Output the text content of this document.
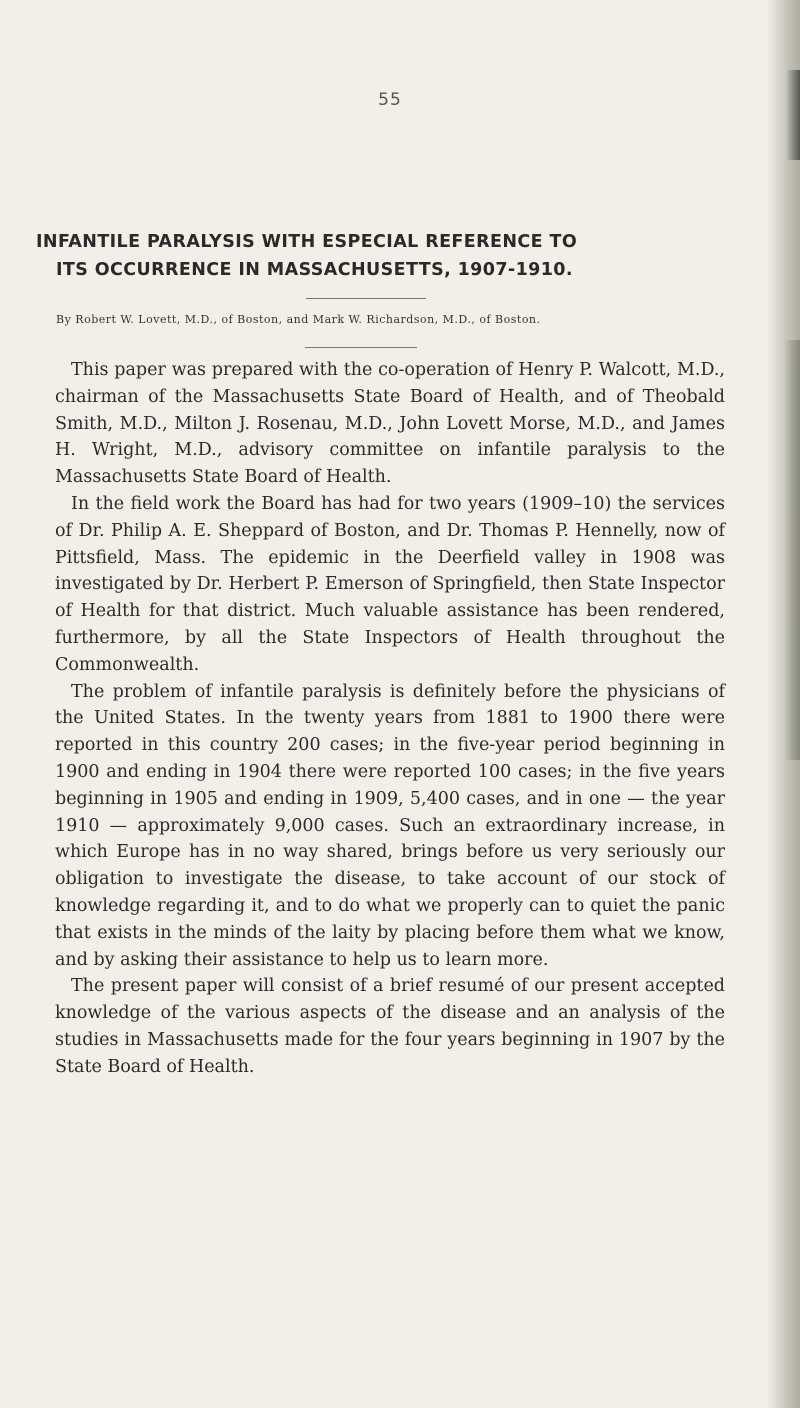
55
INFANTILE PARALYSIS WITH ESPECIAL REFERENCE TO
ITS OCCURRENCE IN MASSACHUSETTS, 1907-1910.
By Robert W. Lovett, M.D., of Boston, and Mark W. Richardson, M.D., of Boston.

This paper was prepared with the co-operation of Henry P. Walcott, M.D., chairman of the Massachusetts State Board of Health, and of Theobald Smith, M.D., Milton J. Rosenau, M.D., John Lovett Morse, M.D., and James H. Wright, M.D., advisory committee on infantile paralysis to the Massachusetts State Board of Health.

In the field work the Board has had for two years (1909–10) the services of Dr. Philip A. E. Sheppard of Boston, and Dr. Thomas P. Hennelly, now of Pittsfield, Mass. The epidemic in the Deerfield valley in 1908 was investigated by Dr. Herbert P. Emerson of Springfield, then State Inspector of Health for that district. Much valuable assistance has been rendered, furthermore, by all the State Inspectors of Health throughout the Commonwealth.

The problem of infantile paralysis is definitely before the physicians of the United States. In the twenty years from 1881 to 1900 there were reported in this country 200 cases; in the five-year period beginning in 1900 and ending in 1904 there were reported 100 cases; in the five years beginning in 1905 and ending in 1909, 5,400 cases, and in one — the year 1910 — approximately 9,000 cases. Such an extraordinary increase, in which Europe has in no way shared, brings before us very seriously our obligation to investigate the disease, to take account of our stock of knowledge regarding it, and to do what we properly can to quiet the panic that exists in the minds of the laity by placing before them what we know, and by asking their assistance to help us to learn more.

The present paper will consist of a brief resumé of our present accepted knowledge of the various aspects of the disease and an analysis of the studies in Massachusetts made for the four years beginning in 1907 by the State Board of Health.
